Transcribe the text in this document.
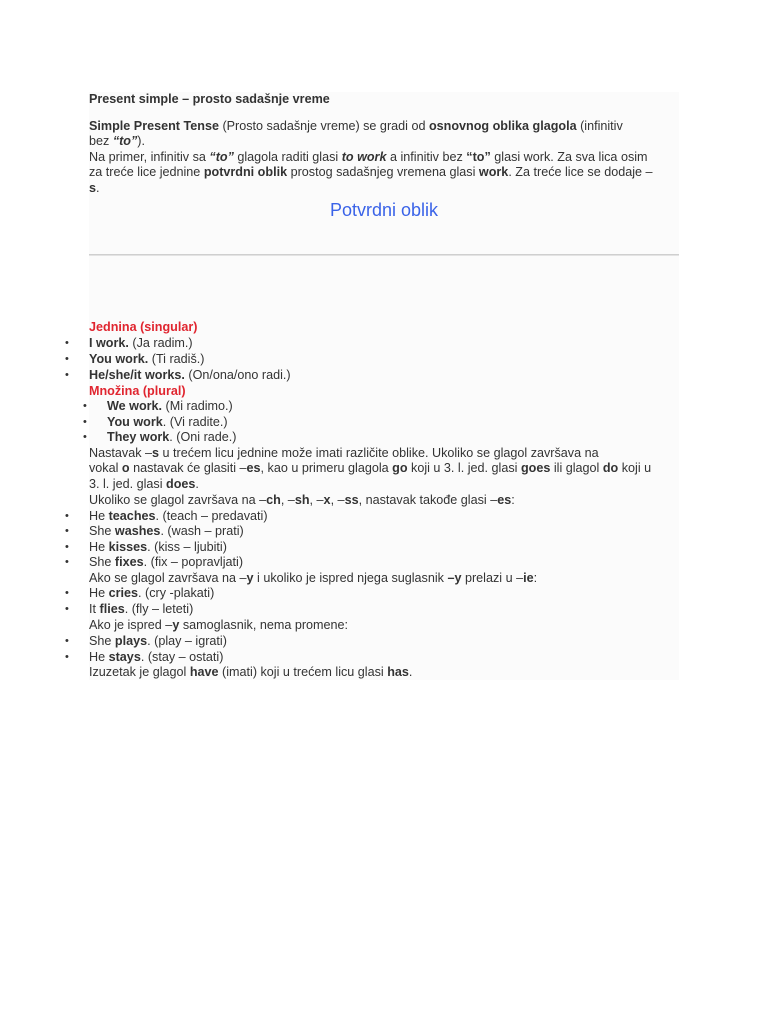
Present simple – prosto sadašnje vreme
Simple Present Tense (Prosto sadašnje vreme) se gradi od osnovnog oblika glagola (infinitiv
bez “to”).
Na primer, infinitiv sa “to” glagola raditi glasi to work a infinitiv bez “to” glasi work. Za sva lica osim
za treće lice jednine potvrdni oblik prostog sadašnjeg vremena glasi work. Za treće lice se dodaje –
s.
Potvrdni oblik
Jednina (singular)
• I work. (Ja radim.)
• You work. (Ti radiš.)
• He/she/it works. (On/ona/ono radi.)
Množina (plural)
• We work. (Mi radimo.)
• You work. (Vi radite.)
• They work. (Oni rade.)
Nastavak –s u trećem licu jednine može imati različite oblike. Ukoliko se glagol završava na
vokal o nastavak će glasiti –es, kao u primeru glagola go koji u 3. l. jed. glasi goes ili glagol do koji u
3. l. jed. glasi does.
Ukoliko se glagol završava na –ch, –sh, –x, –ss, nastavak takođe glasi –es:
• He teaches. (teach – predavati)
• She washes. (wash – prati)
• He kisses. (kiss – ljubiti)
• She fixes. (fix – popravljati)
Ako se glagol završava na –y i ukoliko je ispred njega suglasnik –y prelazi u –ie:
• He cries. (cry -plakati)
• It flies. (fly – leteti)
Ako je ispred –y samoglasnik, nema promene:
• She plays. (play – igrati)
• He stays. (stay – ostati)
Izuzetak je glagol have (imati) koji u trećem licu glasi has.
